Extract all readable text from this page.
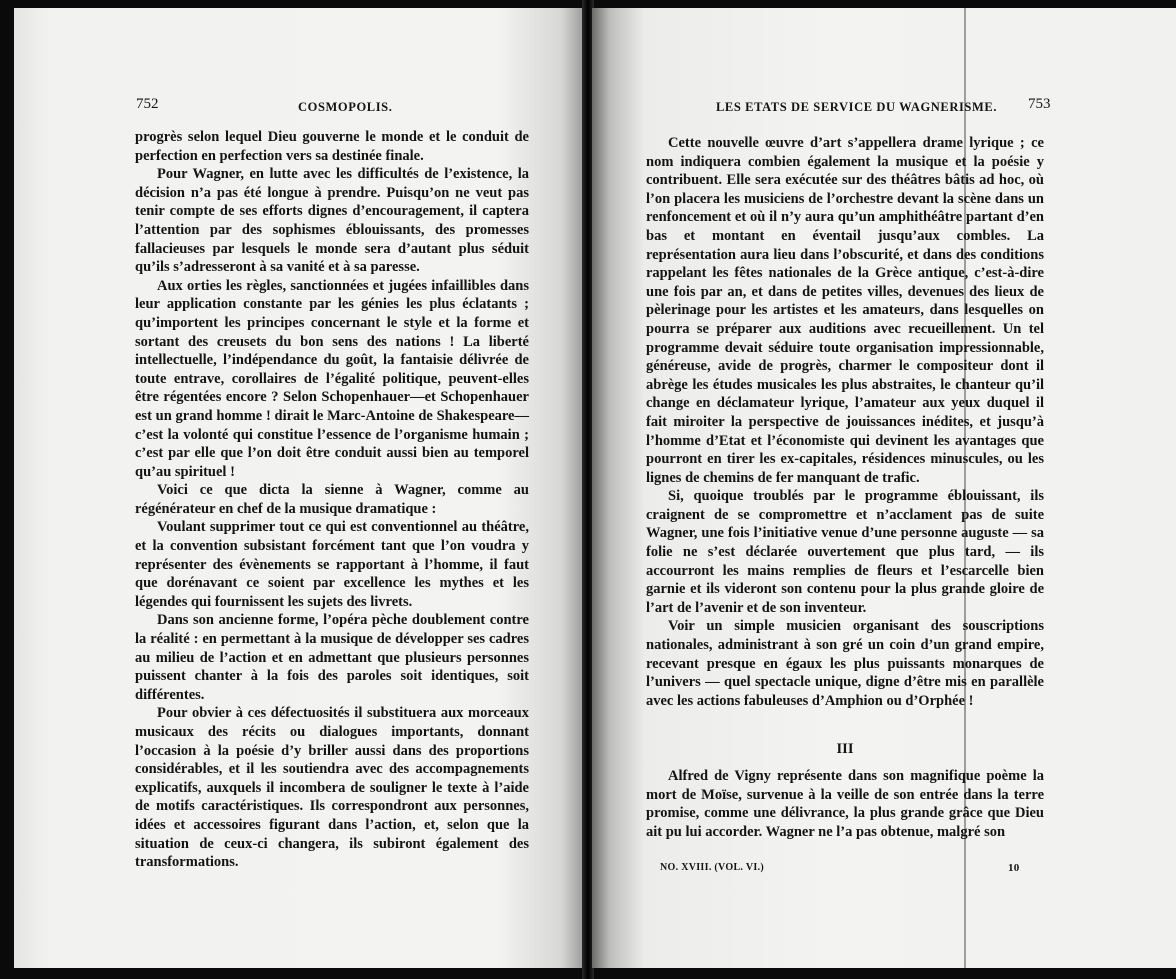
752	COSMOPOLIS.

progrès selon lequel Dieu gouverne le monde et le conduit de perfection en perfection vers sa destinée finale.

Pour Wagner, en lutte avec les difficultés de l’existence, la décision n’a pas été longue à prendre. Puisqu’on ne veut pas tenir compte de ses efforts dignes d’encouragement, il captera l’attention par des sophismes éblouissants, des promesses fallacieuses par lesquels le monde sera d’autant plus séduit qu’ils s’adresseront à sa vanité et à sa paresse.

Aux orties les règles, sanctionnées et jugées infaillibles dans leur application constante par les génies les plus éclatants ; qu’importent les principes concernant le style et la forme et sortant des creusets du bon sens des nations ! La liberté intellectuelle, l’indépendance du goût, la fantaisie délivrée de toute entrave, corollaires de l’égalité politique, peuvent-elles être régentées encore ? Selon Schopenhauer—et Schopenhauer est un grand homme ! dirait le Marc-Antoine de Shakespeare—c’est la volonté qui constitue l’essence de l’organisme humain ; c’est par elle que l’on doit être conduit aussi bien au temporel qu’au spirituel !

Voici ce que dicta la sienne à Wagner, comme au régénérateur en chef de la musique dramatique :

Voulant supprimer tout ce qui est conventionnel au théâtre, et la convention subsistant forcément tant que l’on voudra y représenter des évènements se rapportant à l’homme, il faut que dorénavant ce soient par excellence les mythes et les légendes qui fournissent les sujets des livrets.

Dans son ancienne forme, l’opéra pèche doublement contre la réalité : en permettant à la musique de développer ses cadres au milieu de l’action et en admettant que plusieurs personnes puissent chanter à la fois des paroles soit identiques, soit différentes.

Pour obvier à ces défectuosités il substituera aux morceaux musicaux des récits ou dialogues importants, donnant l’occasion à la poésie d’y briller aussi dans des proportions considérables, et il les soutiendra avec des accompagnements explicatifs, auxquels il incombera de souligner le texte à l’aide de motifs caractéristiques. Ils correspondront aux personnes, idées et accessoires figurant dans l’action, et, selon que la situation de ceux-ci changera, ils subiront également des transformations.

LES ETATS DE SERVICE DU WAGNERISME. 753

Cette nouvelle œuvre d’art s’appellera drame lyrique ; ce nom indiquera combien également la musique et la poésie y contribuent. Elle sera exécutée sur des théâtres bâtis ad hoc, où l’on placera les musiciens de l’orchestre devant la scène dans un renfoncement et où il n’y aura qu’un amphithéâtre partant d’en bas et montant en éventail jusqu’aux combles. La représentation aura lieu dans l’obscurité, et dans des conditions rappelant les fêtes nationales de la Grèce antique, c’est-à-dire une fois par an, et dans de petites villes, devenues des lieux de pèlerinage pour les artistes et les amateurs, dans lesquelles on pourra se préparer aux auditions avec recueillement. Un tel programme devait séduire toute organisation impressionnable, généreuse, avide de progrès, charmer le compositeur dont il abrège les études musicales les plus abstraites, le chanteur qu’il change en déclamateur lyrique, l’amateur aux yeux duquel il fait miroiter la perspective de jouissances inédites, et jusqu’à l’homme d’Etat et l’économiste qui devinent les avantages que pourront en tirer les ex-capitales, résidences minuscules, ou les lignes de chemins de fer manquant de trafic.

Si, quoique troublés par le programme éblouissant, ils craignent de se compromettre et n’acclament pas de suite Wagner, une fois l’initiative venue d’une personne auguste — sa folie ne s’est déclarée ouvertement que plus tard, — ils accourront les mains remplies de fleurs et l’escarcelle bien garnie et ils videront son contenu pour la plus grande gloire de l’art de l’avenir et de son inventeur.

Voir un simple musicien organisant des souscriptions nationales, administrant à son gré un coin d’un grand empire, recevant presque en égaux les plus puissants monarques de l’univers — quel spectacle unique, digne d’être mis en parallèle avec les actions fabuleuses d’Amphion ou d’Orphée !

III

Alfred de Vigny représente dans son magnifique poème la mort de Moïse, survenue à la veille de son entrée dans la terre promise, comme une délivrance, la plus grande grâce que Dieu ait pu lui accorder. Wagner ne l’a pas obtenue, malgré son

NO. XVIII. (VOL. VI.)	10
